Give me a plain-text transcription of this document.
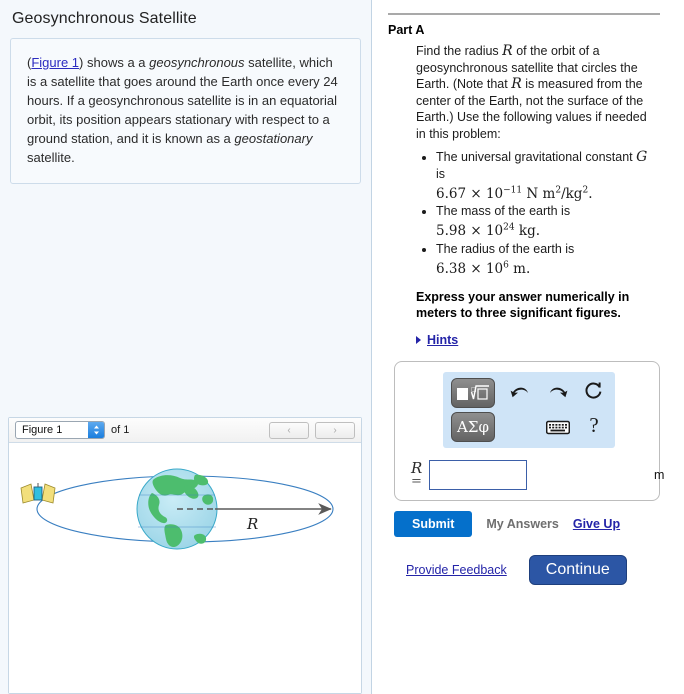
Geosynchronous Satellite
(Figure 1) shows a a geosynchronous satellite, which is a satellite that goes around the Earth once every 24 hours. If a geosynchronous satellite is in an equatorial orbit, its position appears stationary with respect to a ground station, and it is known as a geostationary satellite.
Figure 1	of 1	‹	›
R
Part A
Find the radius R of the orbit of a geosynchronous satellite that circles the Earth. (Note that R is measured from the center of the Earth, not the surface of the Earth.) Use the following values if needed in this problem:
• The universal gravitational constant G is
$6.67 \times 10^{-11}$ N $m^2/kg^2$.
• The mass of the earth is
$5.98 \times 10^{24}$ kg.
• The radius of the earth is
$6.38 \times 10^6$ m.
Express your answer numerically in meters to three significant figures.
Hints
□
ΑΣφ	?
R
=	m
Submit	My Answers Give Up
Provide Feedback	Continue
